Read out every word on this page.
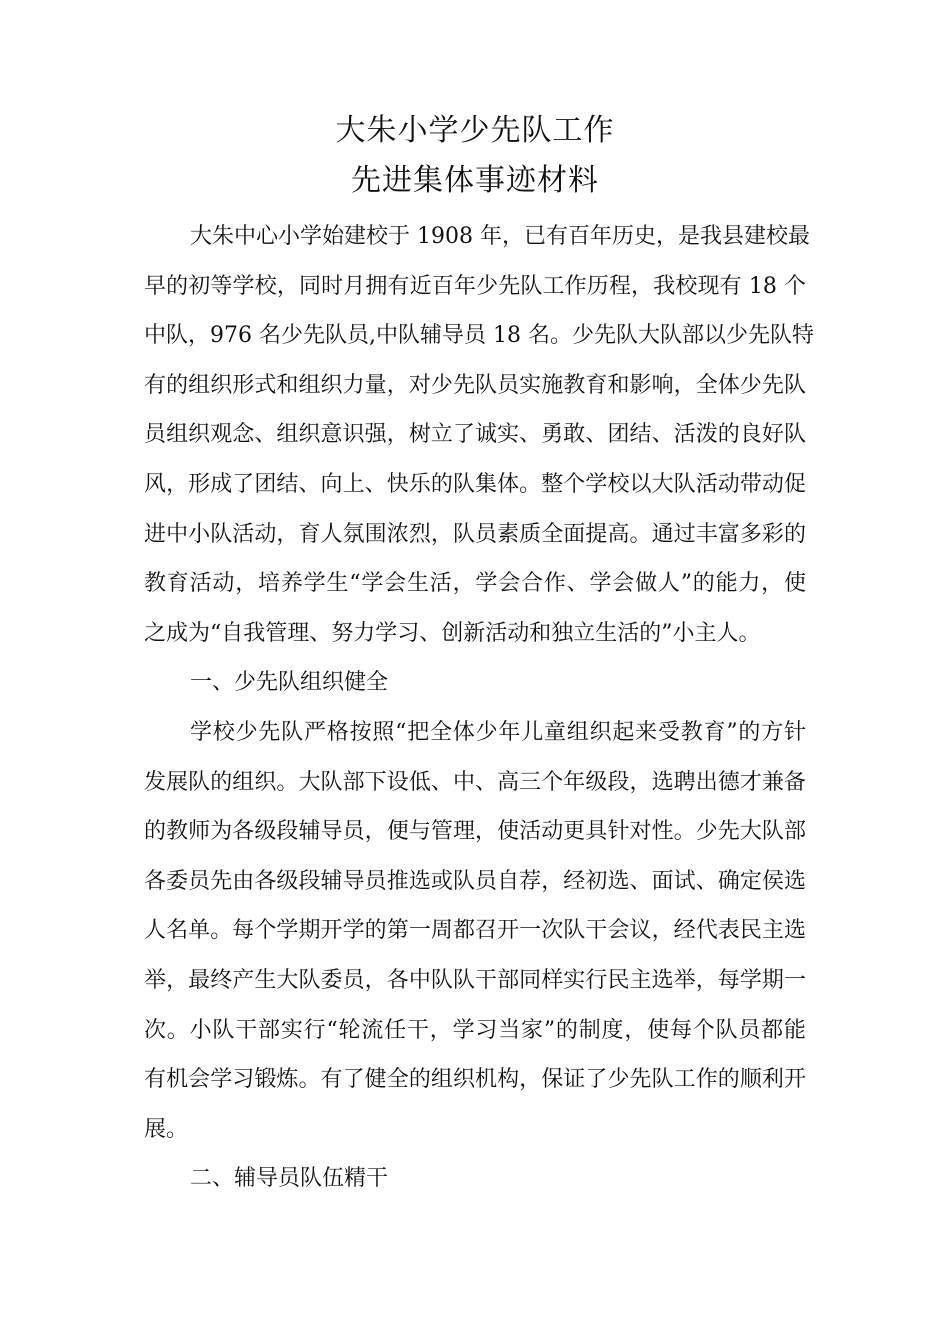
大朱小学少先队工作
先进集体事迹材料
大朱中心小学始建校于 1908 年，已有百年历史，是我县建校最
早的初等学校，同时月拥有近百年少先队工作历程，我校现有 18 个
中队，976 名少先队员,中队辅导员 18 名。少先队大队部以少先队特
有的组织形式和组织力量，对少先队员实施教育和影响，全体少先队
员组织观念、组织意识强，树立了诚实、勇敢、团结、活泼的良好队
风，形成了团结、向上、快乐的队集体。整个学校以大队活动带动促
进中小队活动，育人氛围浓烈，队员素质全面提高。通过丰富多彩的
教育活动，培养学生“学会生活，学会合作、学会做人”的能力，使
之成为“自我管理、努力学习、创新活动和独立生活的”小主人。
一、少先队组织健全
学校少先队严格按照“把全体少年儿童组织起来受教育”的方针
发展队的组织。大队部下设低、中、高三个年级段，选聘出德才兼备
的教师为各级段辅导员，便与管理，使活动更具针对性。少先大队部
各委员先由各级段辅导员推选或队员自荐，经初选、面试、确定侯选
人名单。每个学期开学的第一周都召开一次队干会议，经代表民主选
举，最终产生大队委员，各中队队干部同样实行民主选举，每学期一
次。小队干部实行“轮流任干，学习当家”的制度，使每个队员都能
有机会学习锻炼。有了健全的组织机构，保证了少先队工作的顺利开
展。
二、辅导员队伍精干
